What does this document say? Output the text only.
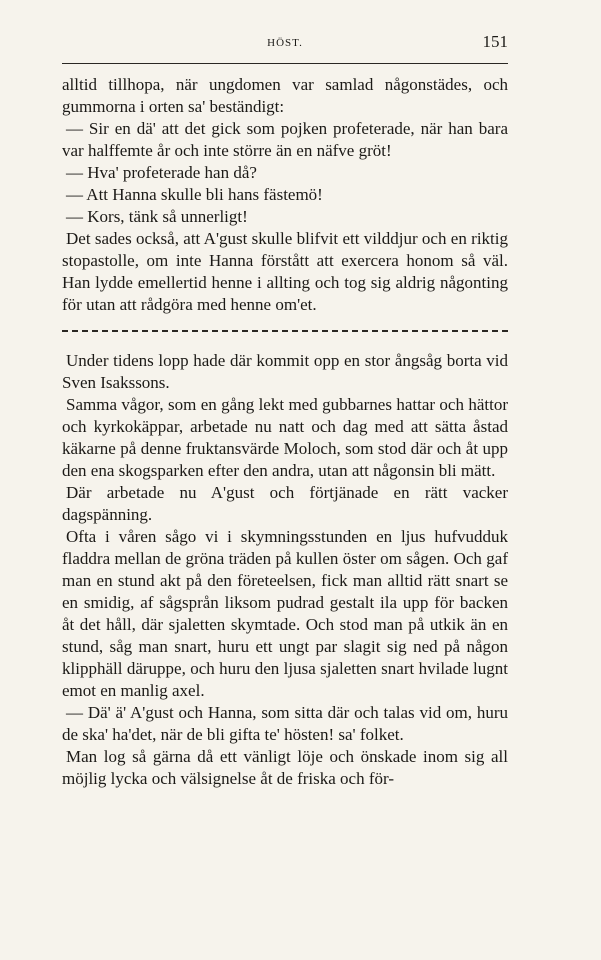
HÖST.	151

alltid tillhopa, när ungdomen var samlad någonstädes, och gummorna i orten sa' beständigt:

— Sir en dä' att det gick som pojken profeterade, när han bara var halffemte år och inte större än en näfve gröt!

— Hva' profeterade han då?

— Att Hanna skulle bli hans fästemö!

— Kors, tänk så unnerligt!

Det sades också, att A'gust skulle blifvit ett vilddjur och en riktig stopastolle, om inte Hanna förstått att exercera honom så väl. Han lydde emellertid henne i allting och tog sig aldrig någonting för utan att rådgöra med henne om'et.

Under tidens lopp hade där kommit opp en stor ångsåg borta vid Sven Isakssons.

Samma vågor, som en gång lekt med gubbarnes hattar och hättor och kyrkokäppar, arbetade nu natt och dag med att sätta åstad käkarne på denne fruktansvärde Moloch, som stod där och åt upp den ena skogsparken efter den andra, utan att någonsin bli mätt.

Där arbetade nu A'gust och förtjänade en rätt vacker dagspänning.

Ofta i våren sågo vi i skymningsstunden en ljus hufvudduk fladdra mellan de gröna träden på kullen öster om sågen. Och gaf man en stund akt på den företeelsen, fick man alltid rätt snart se en smidig, af sågsprån liksom pudrad gestalt ila upp för backen åt det håll, där sjaletten skymtade. Och stod man på utkik än en stund, såg man snart, huru ett ungt par slagit sig ned på någon klipphäll däruppe, och huru den ljusa sjaletten snart hvilade lugnt emot en manlig axel.

— Dä' ä' A'gust och Hanna, som sitta där och talas vid om, huru de ska' ha'det, när de bli gifta te' hösten! sa' folket.

Man log så gärna då ett vänligt löje och önskade inom sig all möjlig lycka och välsignelse åt de friska och för-
